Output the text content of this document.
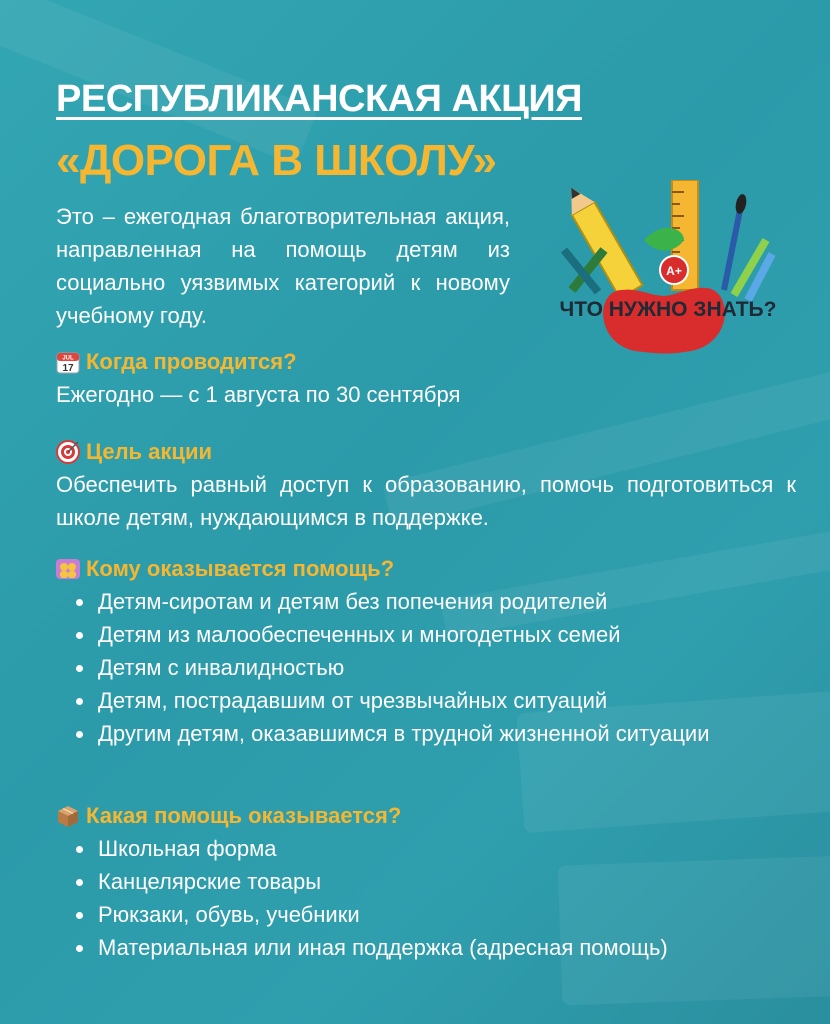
РЕСПУБЛИКАНСКАЯ АКЦИЯ
«ДОРОГА В ШКОЛУ»
Это – ежегодная благотворительная акция, направленная на помощь детям из социально уязвимых категорий к новому учебному году.
A+
ЧТО НУЖНО ЗНАТЬ?
JUL
17 Когда проводится?
Ежегодно — с 1 августа по 30 сентября
Цель акции
Обеспечить равный доступ к образованию, помочь подготовиться к школе детям, нуждающимся в поддержке.
Кому оказывается помощь?
Детям-сиротам и детям без попечения родителей
Детям из малообеспеченных и многодетных семей
Детям с инвалидностью
Детям, пострадавшим от чрезвычайных ситуаций
Другим детям, оказавшимся в трудной жизненной ситуации
Какая помощь оказывается?
Школьная форма
Канцелярские товары
Рюкзаки, обувь, учебники
Материальная или иная поддержка (адресная помощь)
